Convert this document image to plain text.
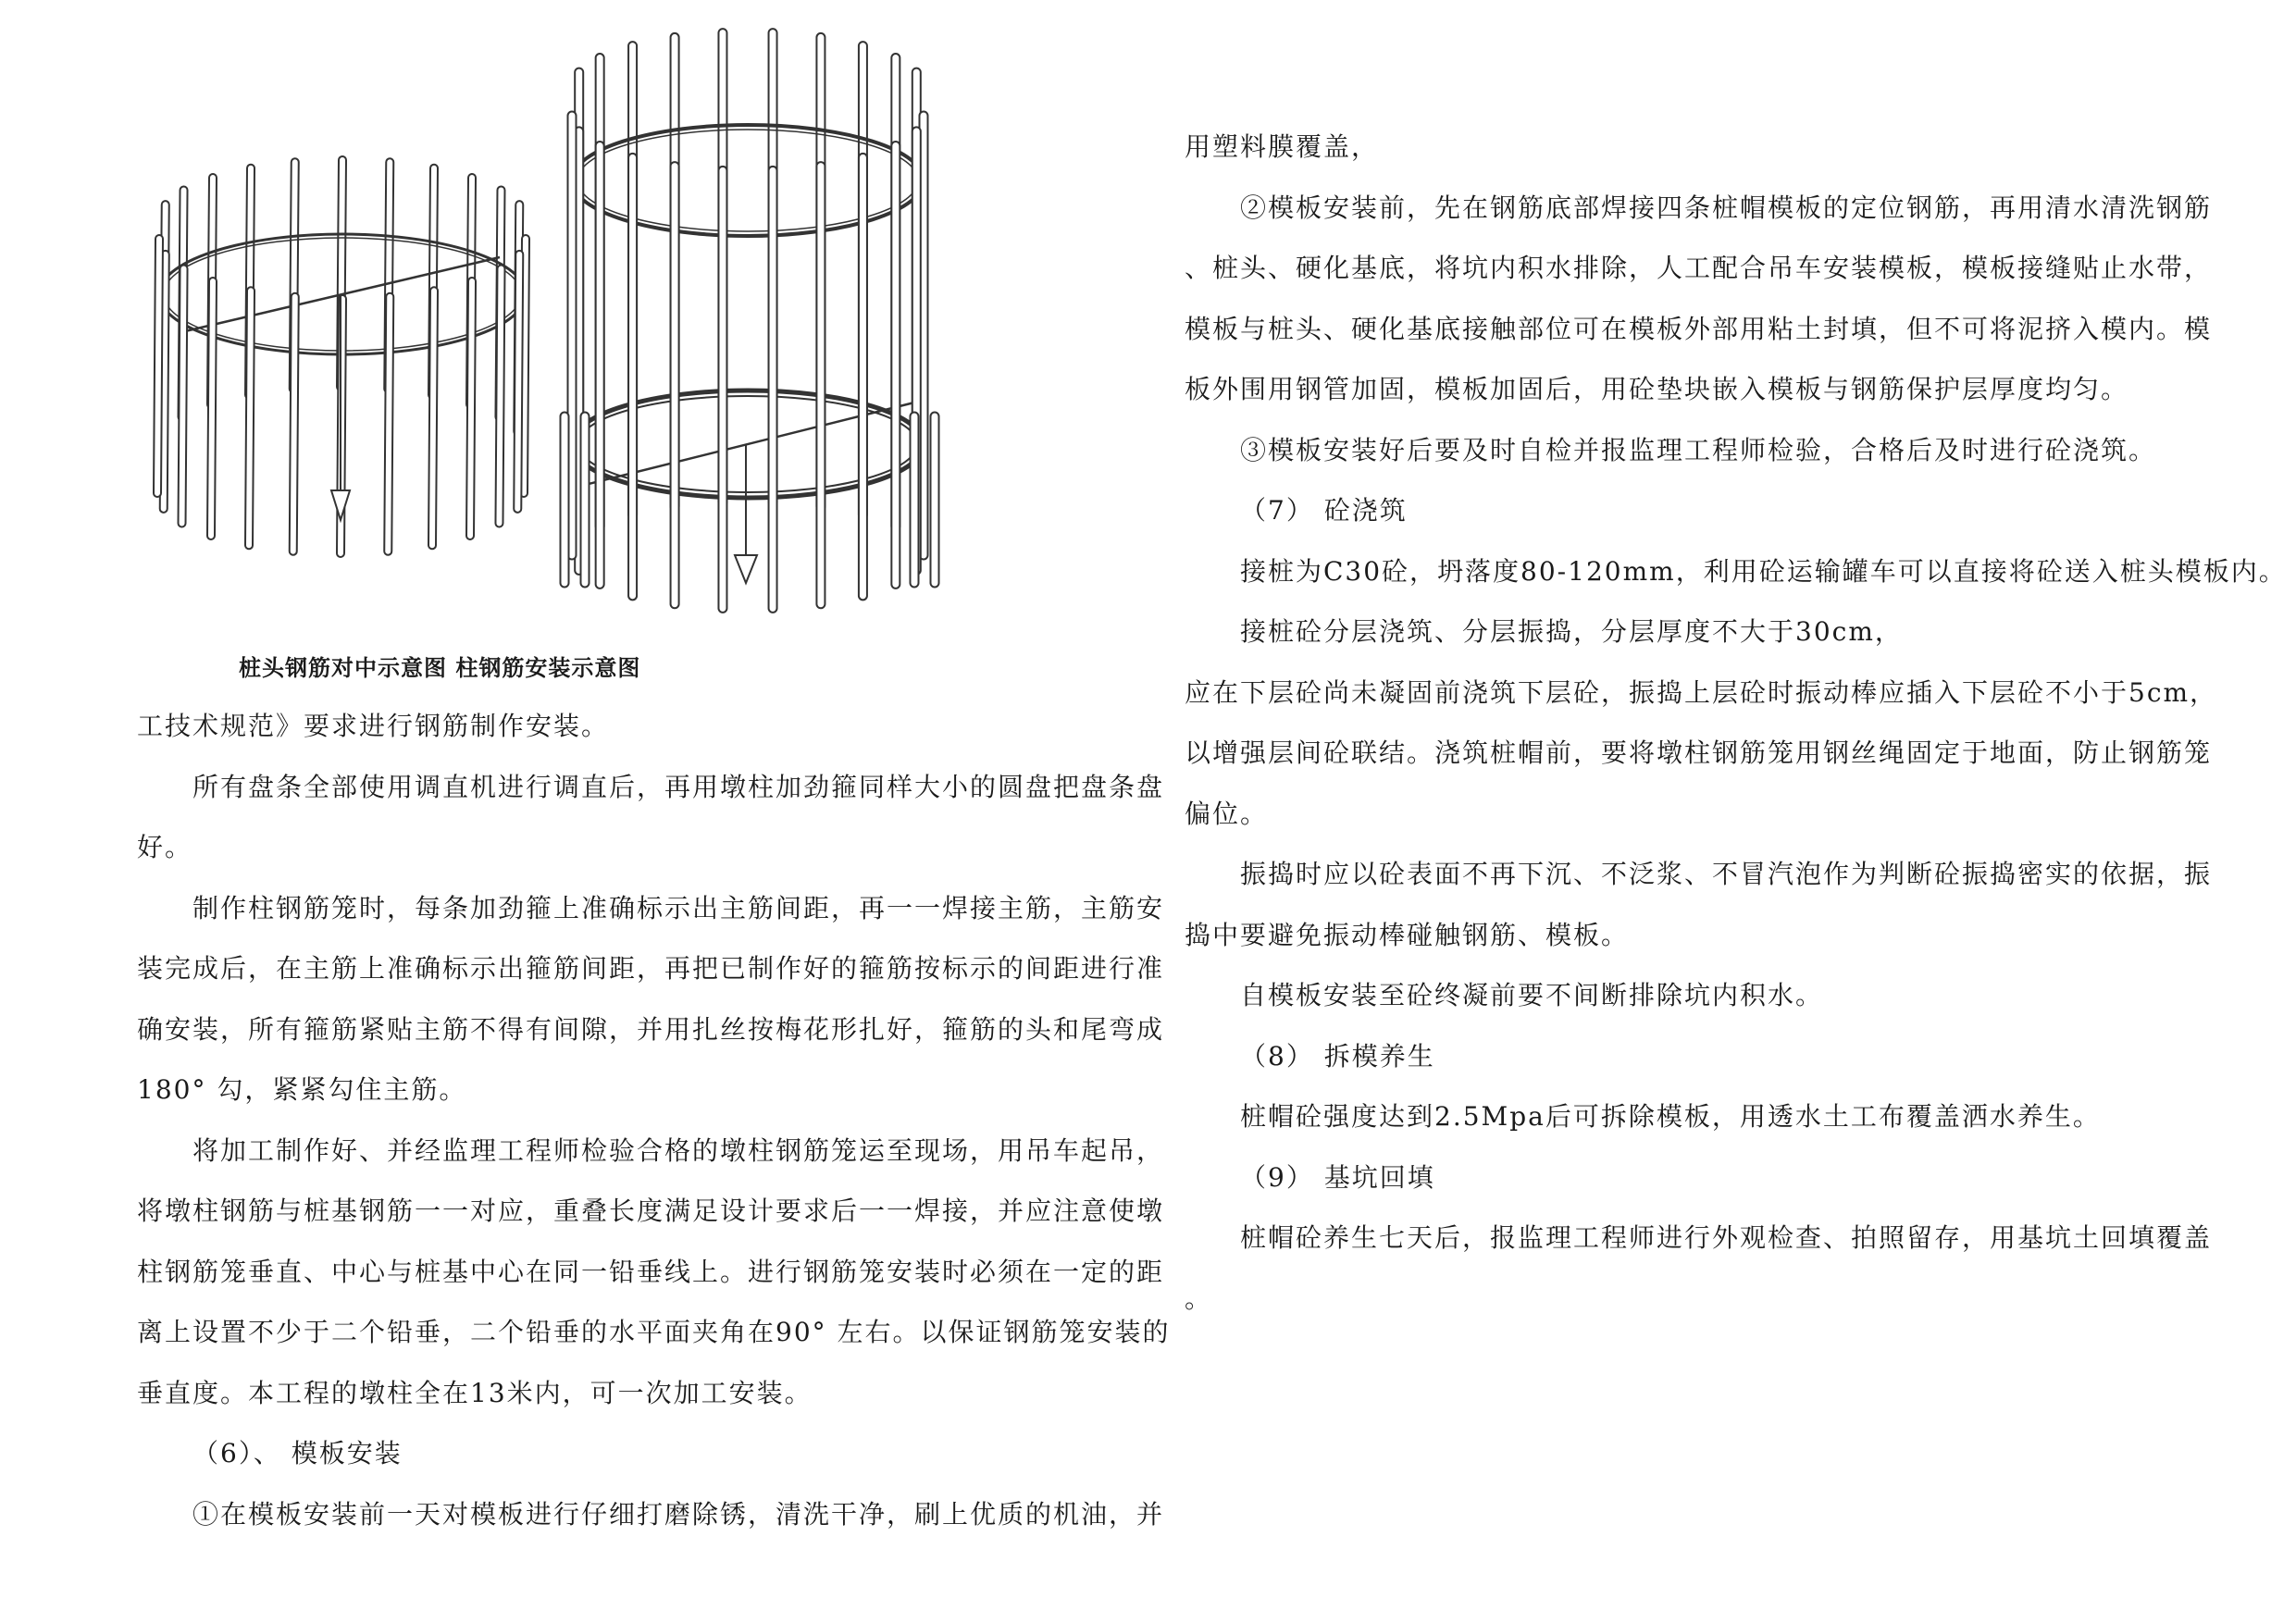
桩头钢筋对中示意图 柱钢筋安装示意图
工技术规范》要求进行钢筋制作安装。
所有盘条全部使用调直机进行调直后，再用墩柱加劲箍同样大小的圆盘把盘条盘
好。
制作柱钢筋笼时，每条加劲箍上准确标示出主筋间距，再一一焊接主筋，主筋安
装完成后，在主筋上准确标示出箍筋间距，再把已制作好的箍筋按标示的间距进行准
确安装，所有箍筋紧贴主筋不得有间隙，并用扎丝按梅花形扎好，箍筋的头和尾弯成
180° 勾，紧紧勾住主筋。
将加工制作好、并经监理工程师检验合格的墩柱钢筋笼运至现场，用吊车起吊，
将墩柱钢筋与桩基钢筋一一对应，重叠长度满足设计要求后一一焊接，并应注意使墩
柱钢筋笼垂直、中心与桩基中心在同一铅垂线上。进行钢筋笼安装时必须在一定的距
离上设置不少于二个铅垂，二个铅垂的水平面夹角在90° 左右。以保证钢筋笼安装的
垂直度。本工程的墩柱全在13米内，可一次加工安装。
（6）、 模板安装
①在模板安装前一天对模板进行仔细打磨除锈，清洗干净，刷上优质的机油，并
用塑料膜覆盖，
②模板安装前，先在钢筋底部焊接四条桩帽模板的定位钢筋，再用清水清洗钢筋
、桩头、硬化基底，将坑内积水排除，人工配合吊车安装模板，模板接缝贴止水带，
模板与桩头、硬化基底接触部位可在模板外部用粘土封填，但不可将泥挤入模内。模
板外围用钢管加固，模板加固后，用砼垫块嵌入模板与钢筋保护层厚度均匀。
③模板安装好后要及时自检并报监理工程师检验，合格后及时进行砼浇筑。
（7） 砼浇筑
接桩为C30砼，坍落度80-120mm，利用砼运输罐车可以直接将砼送入桩头模板内。
接桩砼分层浇筑、分层振捣，分层厚度不大于30cm，
应在下层砼尚未凝固前浇筑下层砼，振捣上层砼时振动棒应插入下层砼不小于5cm，
以增强层间砼联结。浇筑桩帽前，要将墩柱钢筋笼用钢丝绳固定于地面，防止钢筋笼
偏位。
振捣时应以砼表面不再下沉、不泛浆、不冒汽泡作为判断砼振捣密实的依据，振
捣中要避免振动棒碰触钢筋、模板。
自模板安装至砼终凝前要不间断排除坑内积水。
（8） 拆模养生
桩帽砼强度达到2.5Mpa后可拆除模板，用透水土工布覆盖洒水养生。
（9） 基坑回填
桩帽砼养生七天后，报监理工程师进行外观检查、拍照留存，用基坑土回填覆盖
。
